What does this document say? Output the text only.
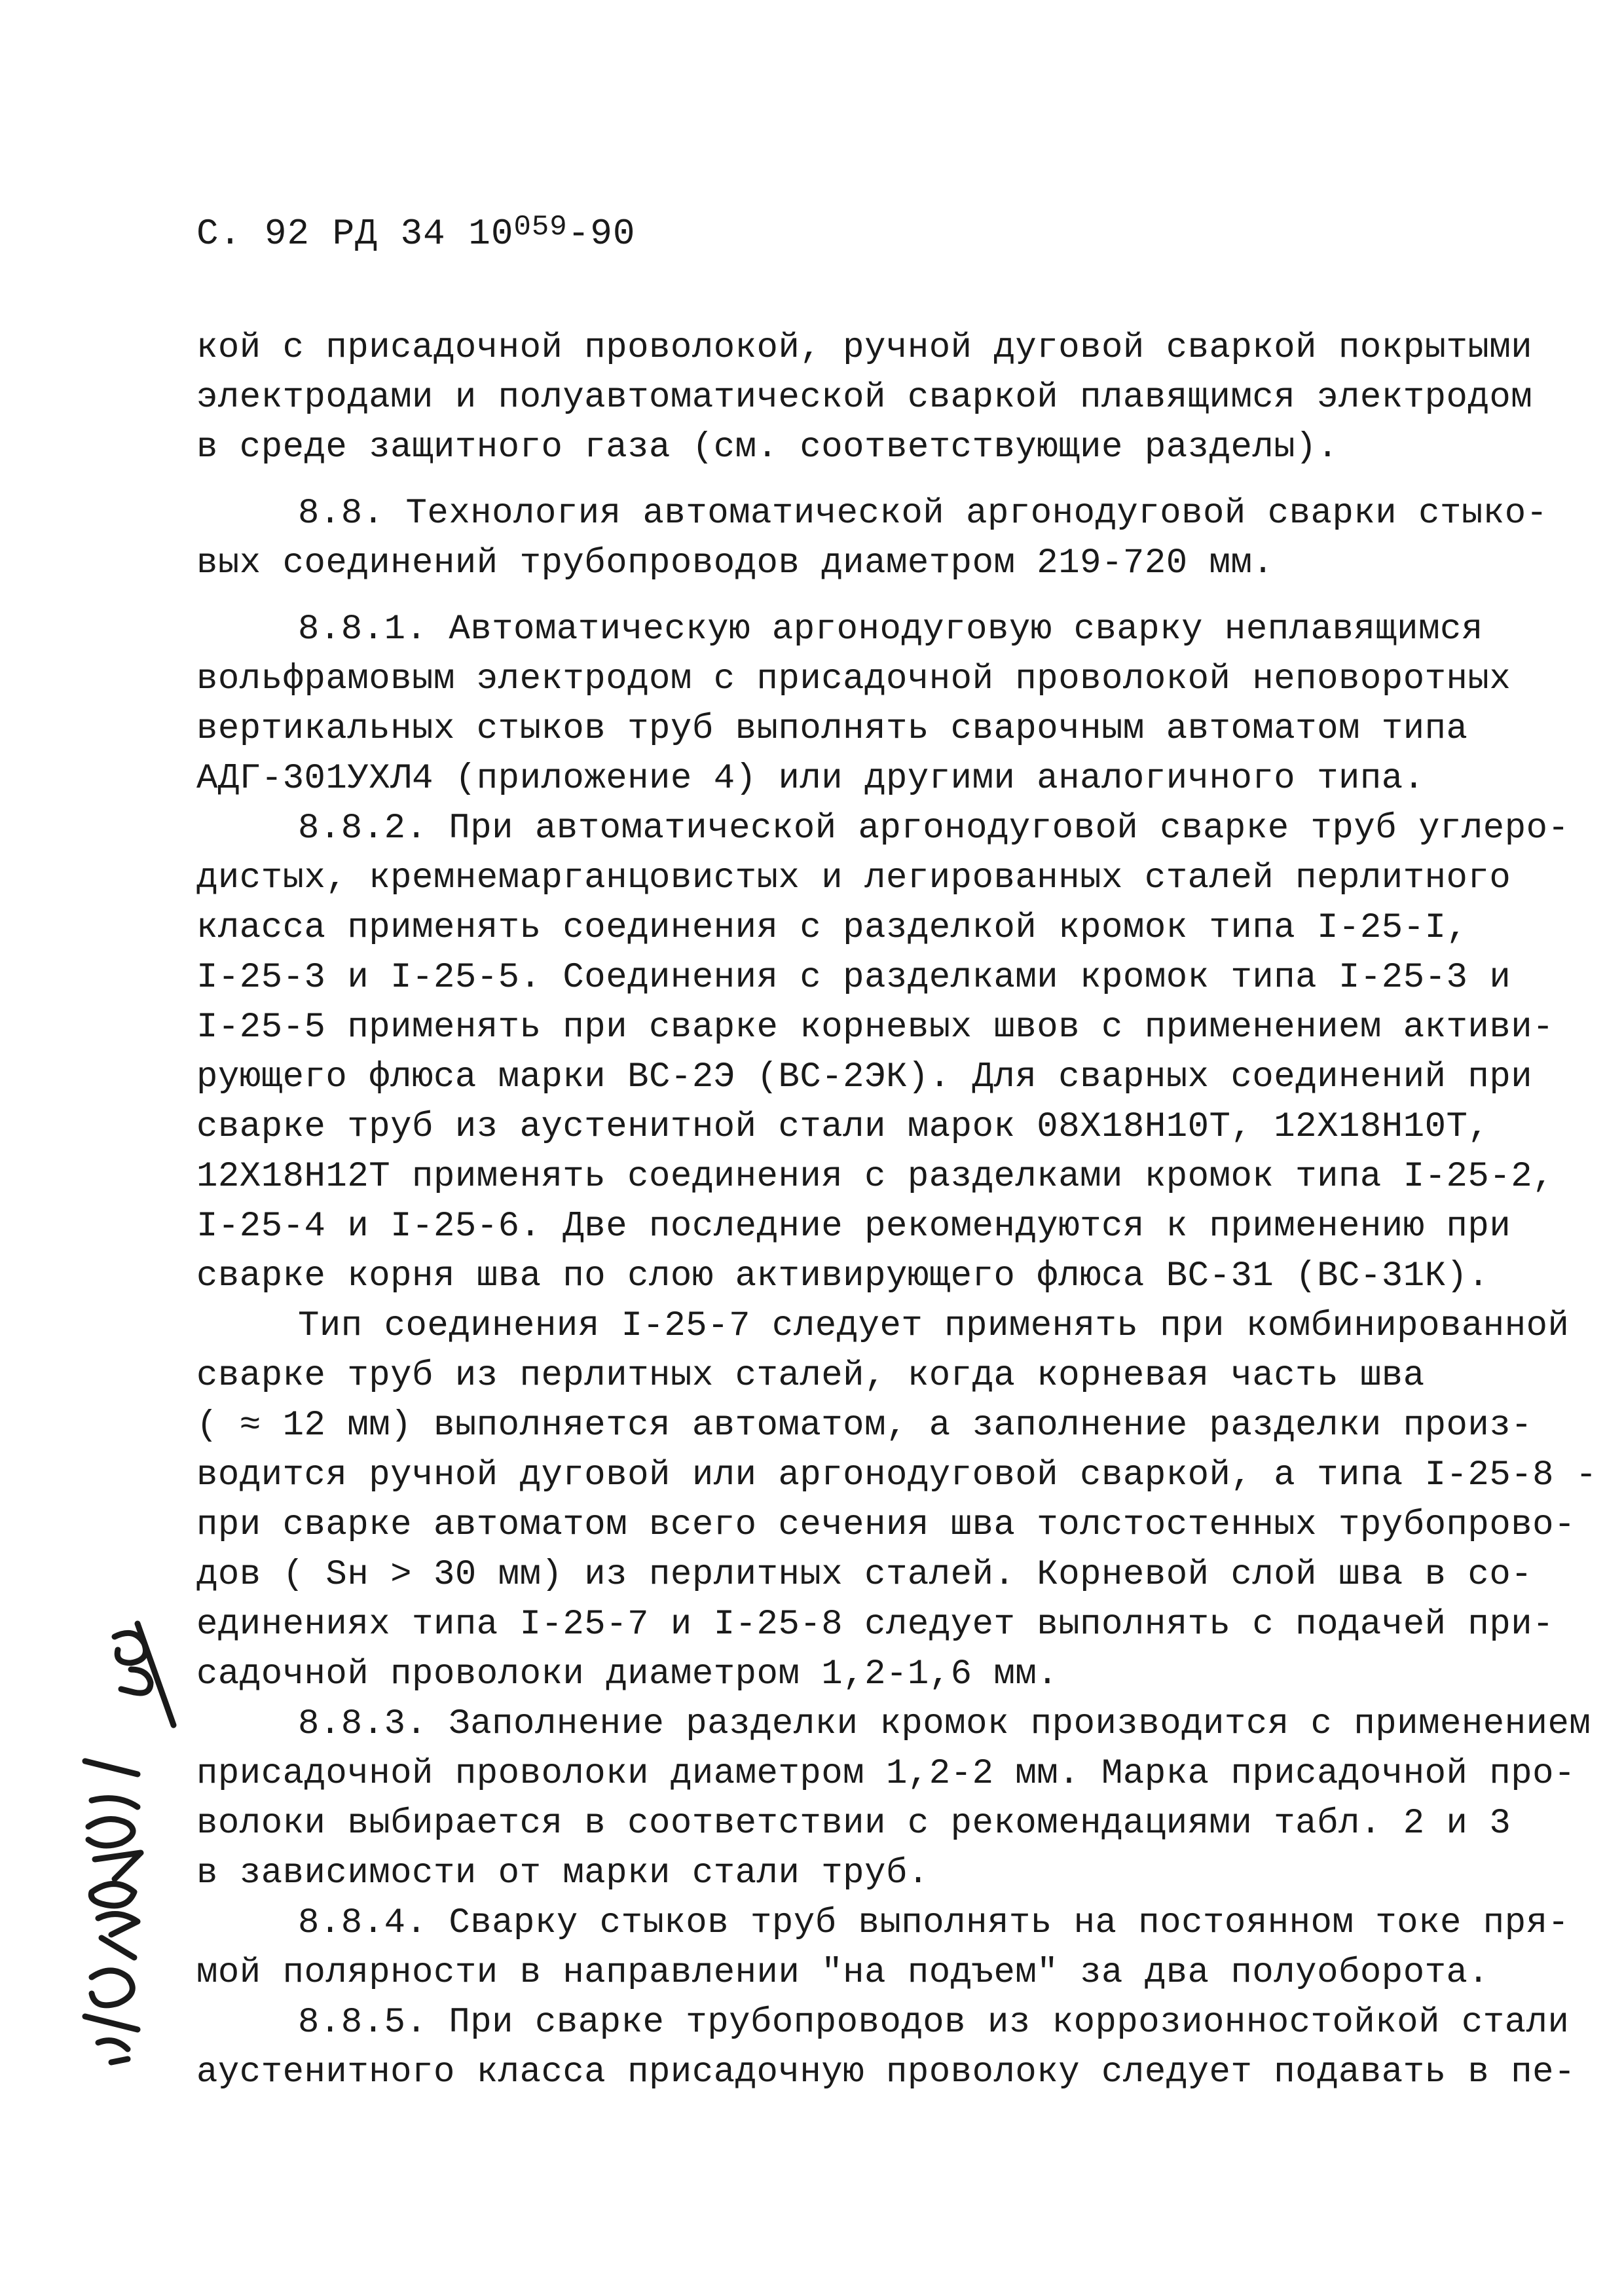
С. 92 РД 34 $10^{059}-90$
кой с присадочной проволокой, ручной дуговой сваркой покрытыми
электродами и полуавтоматической сваркой плавящимся электродом
в среде защитного газа (см. соответствующие разделы).
8.8. Технология автоматической аргонодуговой сварки стыко-
вых соединений трубопроводов диаметром 219-720 мм.
8.8.1. Автоматическую аргонодуговую сварку неплавящимся
вольфрамовым электродом с присадочной проволокой неповоротных
вертикальных стыков труб выполнять сварочным автоматом типа
АДГ-301УХЛ4 (приложение 4) или другими аналогичного типа.
8.8.2. При автоматической аргонодуговой сварке труб углеро-
дистых, кремнемарганцовистых и легированных сталей перлитного
класса применять соединения с разделкой кромок типа I-25-I,
I-25-3 и I-25-5. Соединения с разделками кромок типа I-25-3 и
I-25-5 применять при сварке корневых швов с применением активи-
рующего флюса марки ВС-2Э (ВС-2ЭК). Для сварных соединений при
сварке труб из аустенитной стали марок 08Х18Н10Т, 12Х18Н10Т,
12Х18Н12Т применять соединения с разделками кромок типа I-25-2,
I-25-4 и I-25-6. Две последние рекомендуются к применению при
сварке корня шва по слою активирующего флюса ВС-31 (ВС-31К).
Тип соединения I-25-7 следует применять при комбинированной
сварке труб из перлитных сталей, когда корневая часть шва
( ≈ 12 мм) выполняется автоматом, а заполнение разделки произ-
водится ручной дуговой или аргонодуговой сваркой, а типа I-25-8 -
при сварке автоматом всего сечения шва толстостенных трубопрово-
дов ( Sн > 30 мм) из перлитных сталей. Корневой слой шва в со-
единениях типа I-25-7 и I-25-8 следует выполнять с подачей при-
садочной проволоки диаметром 1,2-1,6 мм.
8.8.3. Заполнение разделки кромок производится с применением
присадочной проволоки диаметром 1,2-2 мм. Марка присадочной про-
волоки выбирается в соответствии с рекомендациями табл. 2 и 3
в зависимости от марки стали труб.
8.8.4. Сварку стыков труб выполнять на постоянном токе пря-
мой полярности в направлении "на подъем" за два полуоборота.
8.8.5. При сварке трубопроводов из коррозионностойкой стали
аустенитного класса присадочную проволоку следует подавать в пе-
